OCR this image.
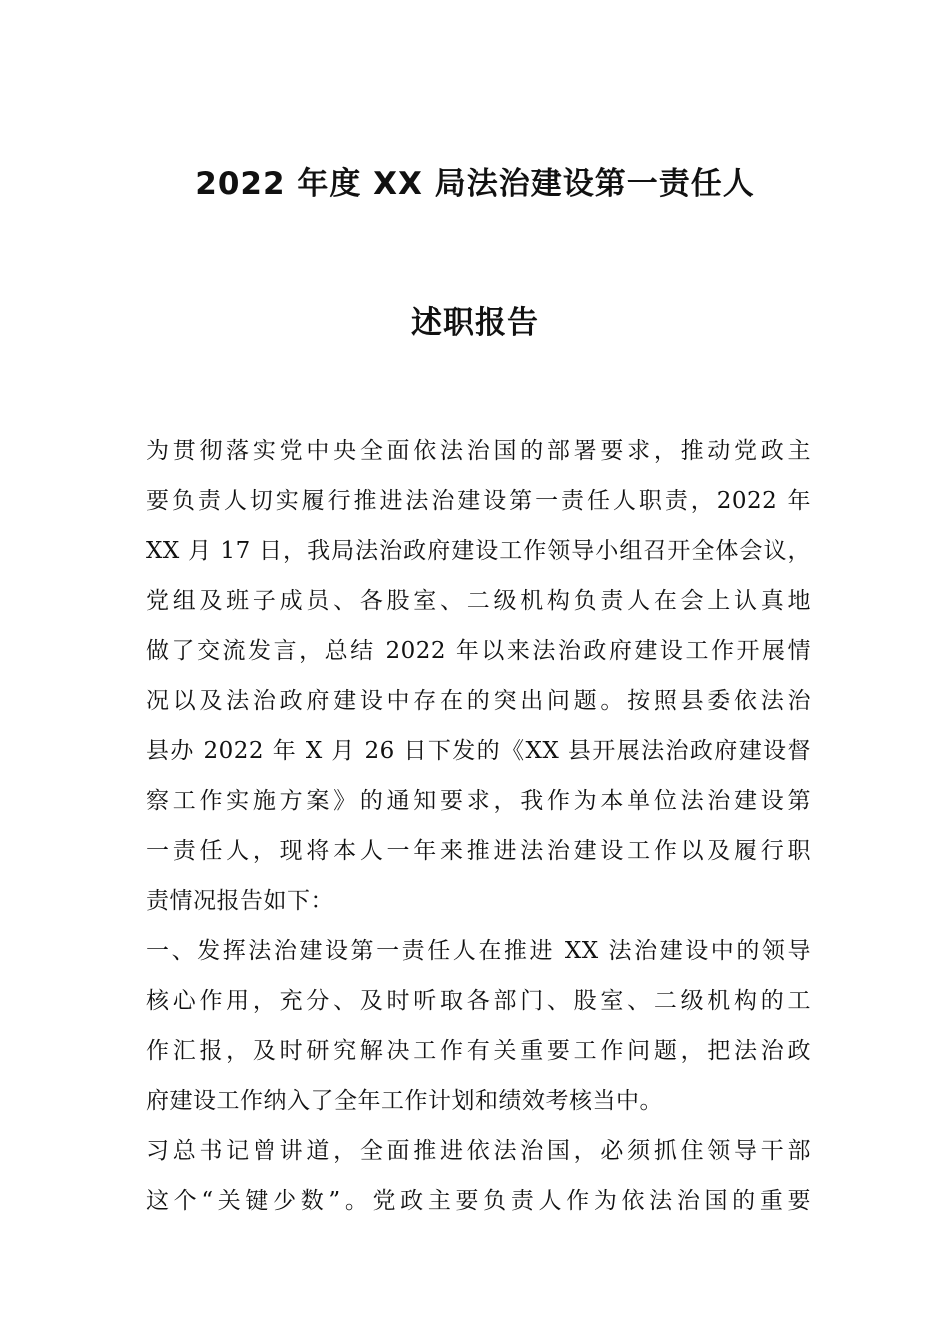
2022 年度 XX 局法治建设第一责任人
述职报告
为贯彻落实党中央全面依法治国的部署要求，推动党政主
要负责人切实履行推进法治建设第一责任人职责，2022 年
XX 月 17 日，我局法治政府建设工作领导小组召开全体会议，
党组及班子成员、各股室、二级机构负责人在会上认真地
做了交流发言，总结 2022 年以来法治政府建设工作开展情
况以及法治政府建设中存在的突出问题。按照县委依法治
县办 2022 年 X 月 26 日下发的《XX 县开展法治政府建设督
察工作实施方案》的通知要求，我作为本单位法治建设第
一责任人，现将本人一年来推进法治建设工作以及履行职
责情况报告如下：
一、发挥法治建设第一责任人在推进 XX 法治建设中的领导
核心作用，充分、及时听取各部门、股室、二级机构的工
作汇报，及时研究解决工作有关重要工作问题，把法治政
府建设工作纳入了全年工作计划和绩效考核当中。
习总书记曾讲道，全面推进依法治国，必须抓住领导干部
这个“关键少数”。党政主要负责人作为依法治国的重要
